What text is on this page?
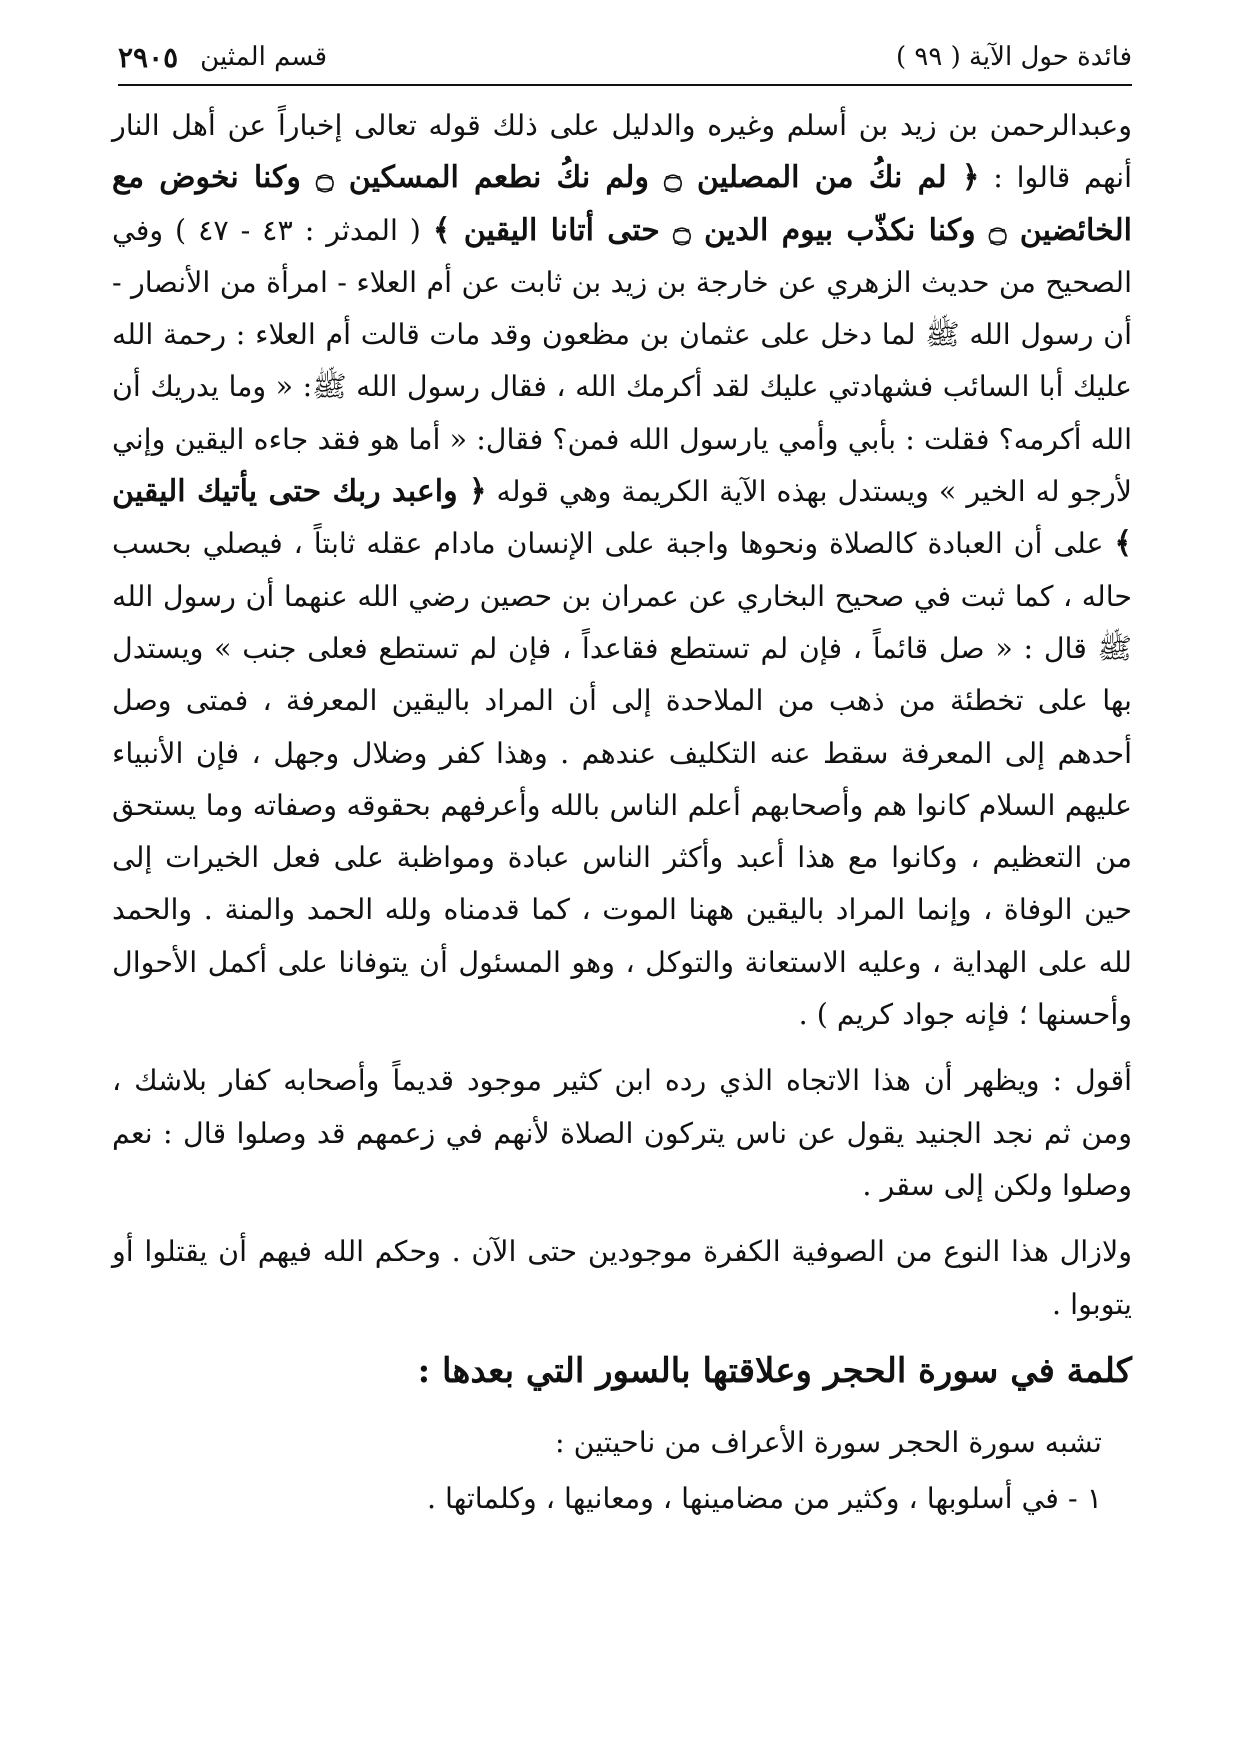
فائدة حول الآية ( ٩٩ )
قسم المثين
٢٩٠٥

وعبدالرحمن بن زيد بن أسلم وغيره والدليل على ذلك قوله تعالى إخباراً عن أهل النار أنهم قالوا : ﴿ لم نكُ من المصلين ۝ ولم نكُ نطعم المسكين ۝ وكنا نخوض مع الخائضين ۝ وكنا نكذّب بيوم الدين ۝ حتى أتانا اليقين ﴾ ( المدثر : ٤٣ - ٤٧ ) وفي الصحيح من حديث الزهري عن خارجة بن زيد بن ثابت عن أم العلاء - امرأة من الأنصار - أن رسول الله ﷺ لما دخل على عثمان بن مظعون وقد مات قالت أم العلاء : رحمة الله عليك أبا السائب فشهادتي عليك لقد أكرمك الله ، فقال رسول الله ﷺ: « وما يدريك أن الله أكرمه؟ فقلت : بأبي وأمي يارسول الله فمن؟ فقال: « أما هو فقد جاءه اليقين وإني لأرجو له الخير » ويستدل بهذه الآية الكريمة وهي قوله ﴿ واعبد ربك حتى يأتيك اليقين ﴾ على أن العبادة كالصلاة ونحوها واجبة على الإنسان مادام عقله ثابتاً ، فيصلي بحسب حاله ، كما ثبت في صحيح البخاري عن عمران بن حصين رضي الله عنهما أن رسول الله ﷺ قال : « صل قائماً ، فإن لم تستطع فقاعداً ، فإن لم تستطع فعلى جنب » ويستدل بها على تخطئة من ذهب من الملاحدة إلى أن المراد باليقين المعرفة ، فمتى وصل أحدهم إلى المعرفة سقط عنه التكليف عندهم . وهذا كفر وضلال وجهل ، فإن الأنبياء عليهم السلام كانوا هم وأصحابهم أعلم الناس بالله وأعرفهم بحقوقه وصفاته وما يستحق من التعظيم ، وكانوا مع هذا أعبد وأكثر الناس عبادة ومواظبة على فعل الخيرات إلى حين الوفاة ، وإنما المراد باليقين ههنا الموت ، كما قدمناه ولله الحمد والمنة . والحمد لله على الهداية ، وعليه الاستعانة والتوكل ، وهو المسئول أن يتوفانا على أكمل الأحوال وأحسنها ؛ فإنه جواد كريم ) .

أقول : ويظهر أن هذا الاتجاه الذي رده ابن كثير موجود قديماً وأصحابه كفار بلاشك ، ومن ثم نجد الجنيد يقول عن ناس يتركون الصلاة لأنهم في زعمهم قد وصلوا قال : نعم وصلوا ولكن إلى سقر .

ولازال هذا النوع من الصوفية الكفرة موجودين حتى الآن . وحكم الله فيهم أن يقتلوا أو يتوبوا .

كلمة في سورة الحجر وعلاقتها بالسور التي بعدها :

تشبه سورة الحجر سورة الأعراف من ناحيتين :

١ - في أسلوبها ، وكثير من مضامينها ، ومعانيها ، وكلماتها .
